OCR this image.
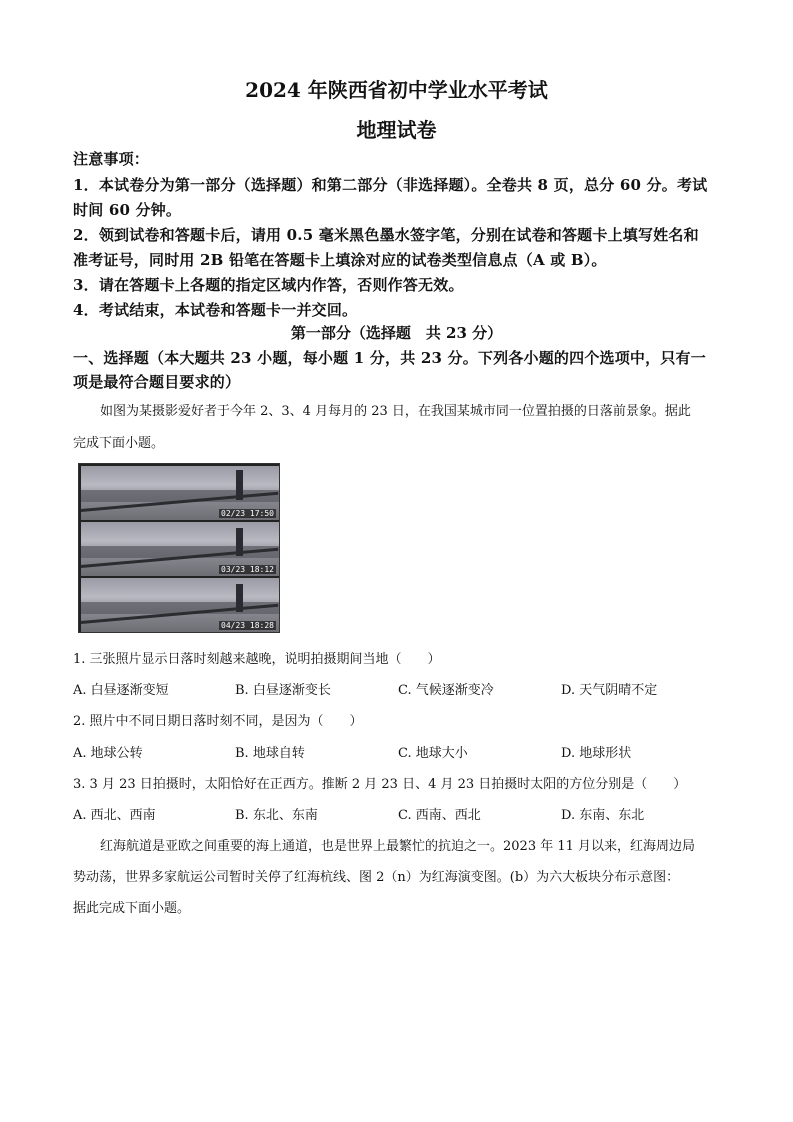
2024 年陕西省初中学业水平考试
地理试卷
注意事项：
1．本试卷分为第一部分（选择题）和第二部分（非选择题）。全卷共 8 页，总分 60 分。考试
时间 60 分钟。
2．领到试卷和答题卡后，请用 0.5 毫米黑色墨水签字笔，分别在试卷和答题卡上填写姓名和
准考证号，同时用 2B 铅笔在答题卡上填涂对应的试卷类型信息点（A 或 B）。
3．请在答题卡上各题的指定区域内作答，否则作答无效。
4．考试结束，本试卷和答题卡一并交回。
第一部分（选择题　共 23 分）
一、选择题（本大题共 23 小题，每小题 1 分，共 23 分。下列各小题的四个选项中，只有一
项是最符合题目要求的）
如图为某摄影爱好者于今年 2、3、4 月每月的 23 日，在我国某城市同一位置拍摄的日落前景象。据此
完成下面小题。
02/23 17:50
03/23 18:12
04/23 18:28
1. 三张照片显示日落时刻越来越晚，说明拍摄期间当地（　　）
A. 白昼逐渐变短	B. 白昼逐渐变长	C. 气候逐渐变冷	D. 天气阴晴不定
2. 照片中不同日期日落时刻不同，是因为（　　）
A. 地球公转	B. 地球自转	C. 地球大小	D. 地球形状
3. 3 月 23 日拍摄时，太阳恰好在正西方。推断 2 月 23 日、4 月 23 日拍摄时太阳的方位分别是（　　）
A. 西北、西南	B. 东北、东南	C. 西南、西北	D. 东南、东北
红海航道是亚欧之间重要的海上通道，也是世界上最繁忙的抗迫之一。2023 年 11 月以来，红海周边局
势动荡，世界多家航运公司暂时关停了红海杭线、图 2（n）为红海演变图。(b）为六大板块分布示意图：
据此完成下面小题。
